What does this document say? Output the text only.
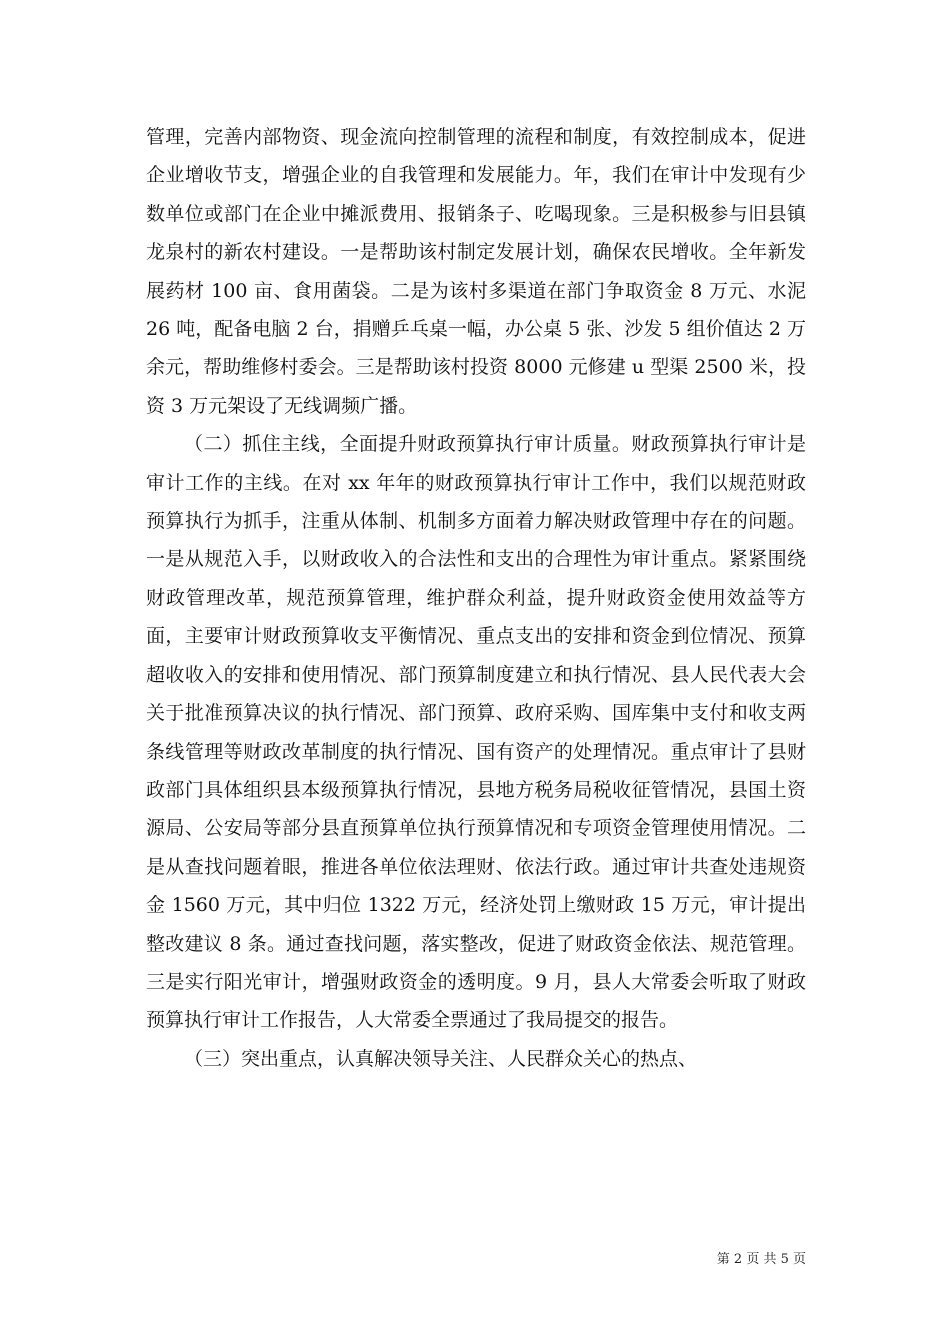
管理，完善内部物资、现金流向控制管理的流程和制度，有效控制成本，促进企业增收节支，增强企业的自我管理和发展能力。年，我们在审计中发现有少数单位或部门在企业中摊派费用、报销条子、吃喝现象。三是积极参与旧县镇龙泉村的新农村建设。一是帮助该村制定发展计划，确保农民增收。全年新发展药材 100 亩、食用菌袋。二是为该村多渠道在部门争取资金 8 万元、水泥 26 吨，配备电脑 2 台，捐赠乒乓桌一幅，办公桌 5 张、沙发 5 组价值达 2 万余元，帮助维修村委会。三是帮助该村投资 8000 元修建 u 型渠 2500 米，投资 3 万元架设了无线调频广播。

（二）抓住主线，全面提升财政预算执行审计质量。财政预算执行审计是审计工作的主线。在对 xx 年年的财政预算执行审计工作中，我们以规范财政预算执行为抓手，注重从体制、机制多方面着力解决财政管理中存在的问题。一是从规范入手，以财政收入的合法性和支出的合理性为审计重点。紧紧围绕财政管理改革，规范预算管理，维护群众利益，提升财政资金使用效益等方面，主要审计财政预算收支平衡情况、重点支出的安排和资金到位情况、预算超收收入的安排和使用情况、部门预算制度建立和执行情况、县人民代表大会关于批准预算决议的执行情况、部门预算、政府采购、国库集中支付和收支两条线管理等财政改革制度的执行情况、国有资产的处理情况。重点审计了县财政部门具体组织县本级预算执行情况，县地方税务局税收征管情况，县国土资源局、公安局等部分县直预算单位执行预算情况和专项资金管理使用情况。二是从查找问题着眼，推进各单位依法理财、依法行政。通过审计共查处违规资金 1560 万元，其中归位 1322 万元，经济处罚上缴财政 15 万元，审计提出整改建议 8 条。通过查找问题，落实整改，促进了财政资金依法、规范管理。三是实行阳光审计，增强财政资金的透明度。9 月，县人大常委会听取了财政预算执行审计工作报告，人大常委全票通过了我局提交的报告。

（三）突出重点，认真解决领导关注、人民群众关心的热点、

第 2 页 共 5 页
